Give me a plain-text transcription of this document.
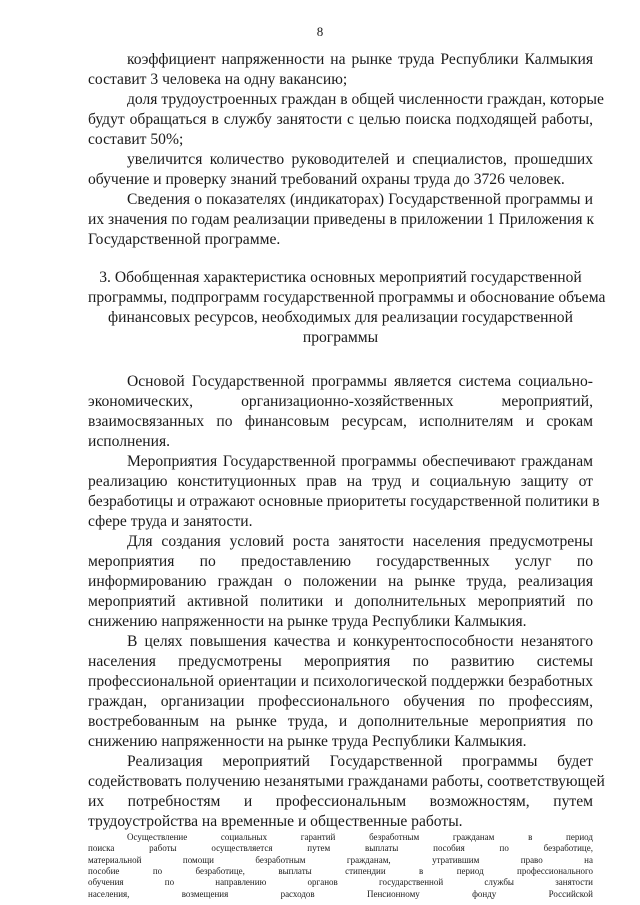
8
коэффициент напряженности на рынке труда Республики Калмыкия
составит 3 человека на одну вакансию;
доля трудоустроенных граждан в общей численности граждан, которые
будут обращаться в службу занятости с целью поиска подходящей работы,
составит 50%;
увеличится количество руководителей и специалистов, прошедших
обучение и проверку знаний требований охраны труда до 3726 человек.
Сведения о показателях (индикаторах) Государственной программы и
их значения по годам реализации приведены в приложении 1 Приложения к
Государственной программе.
3. Обобщенная характеристика основных мероприятий государственной
программы, подпрограмм государственной программы и обоснование объема
финансовых ресурсов, необходимых для реализации государственной
программы
Основой Государственной программы является система социально-
экономических, организационно-хозяйственных мероприятий,
взаимосвязанных по финансовым ресурсам, исполнителям и срокам
исполнения.
Мероприятия Государственной программы обеспечивают гражданам
реализацию конституционных прав на труд и социальную защиту от
безработицы и отражают основные приоритеты государственной политики в
сфере труда и занятости.
Для создания условий роста занятости населения предусмотрены
мероприятия по предоставлению государственных услуг по
информированию граждан о положении на рынке труда, реализация
мероприятий активной политики и дополнительных мероприятий по
снижению напряженности на рынке труда Республики Калмыкия.
В целях повышения качества и конкурентоспособности незанятого
населения предусмотрены мероприятия по развитию системы
профессиональной ориентации и психологической поддержки безработных
граждан, организации профессионального обучения по профессиям,
востребованным на рынке труда, и дополнительные мероприятия по
снижению напряженности на рынке труда Республики Калмыкия.
Реализация мероприятий Государственной программы будет
содействовать получению незанятыми гражданами работы, соответствующей
их потребностям и профессиональным возможностям, путем
трудоустройства на временные и общественные работы.
Осуществление социальных гарантий безработным гражданам в период
поиска работы осуществляется путем выплаты пособия по безработице,
материальной помощи безработным гражданам, утратившим право на
пособие по безработице, выплаты стипендии в период профессионального
обучения по направлению органов государственной службы занятости
населения, возмещения расходов Пенсионному фонду Российской
